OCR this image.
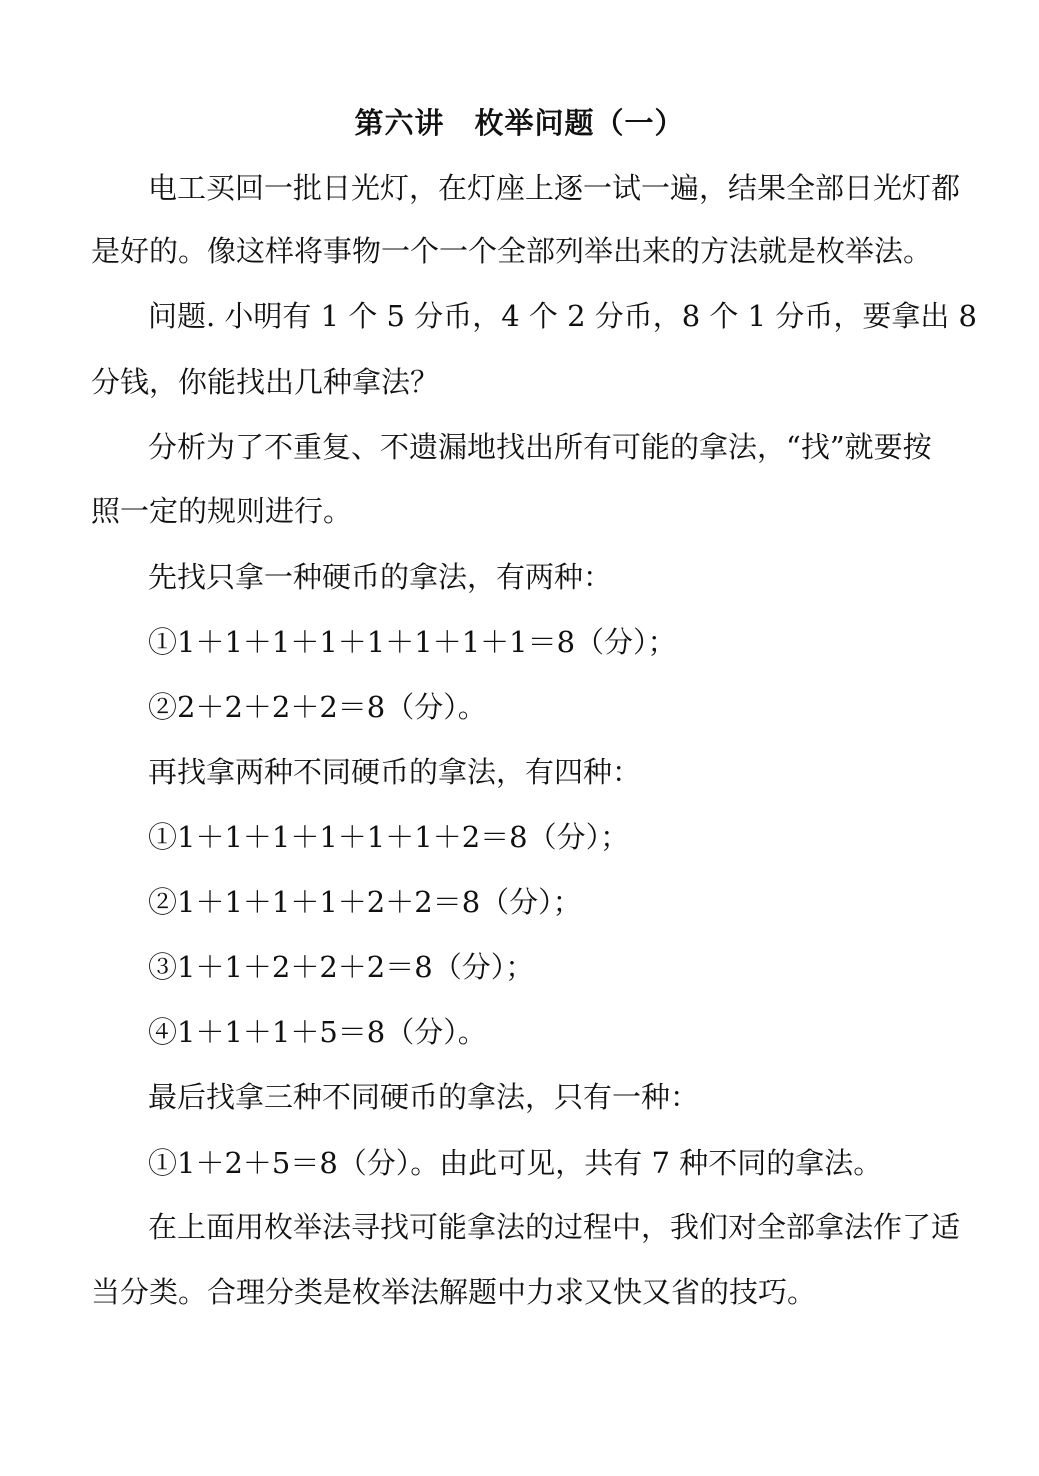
第六讲　枚举问题（一）
电工买回一批日光灯，在灯座上逐一试一遍，结果全部日光灯都
是好的。像这样将事物一个一个全部列举出来的方法就是枚举法。
问题. 小明有 1 个 5 分币，4 个 2 分币，8 个 1 分币，要拿出 8
分钱，你能找出几种拿法？
分析为了不重复、不遗漏地找出所有可能的拿法，“找”就要按
照一定的规则进行。
先找只拿一种硬币的拿法，有两种：
①1＋1＋1＋1＋1＋1＋1＋1＝8（分）；
②2＋2＋2＋2＝8（分）。
再找拿两种不同硬币的拿法，有四种：
①1＋1＋1＋1＋1＋1＋2＝8（分）；
②1＋1＋1＋1＋2＋2＝8（分）；
③1＋1＋2＋2＋2＝8（分）；
④1＋1＋1＋5＝8（分）。
最后找拿三种不同硬币的拿法，只有一种：
①1＋2＋5＝8（分）。由此可见，共有 7 种不同的拿法。
在上面用枚举法寻找可能拿法的过程中，我们对全部拿法作了适
当分类。合理分类是枚举法解题中力求又快又省的技巧。
